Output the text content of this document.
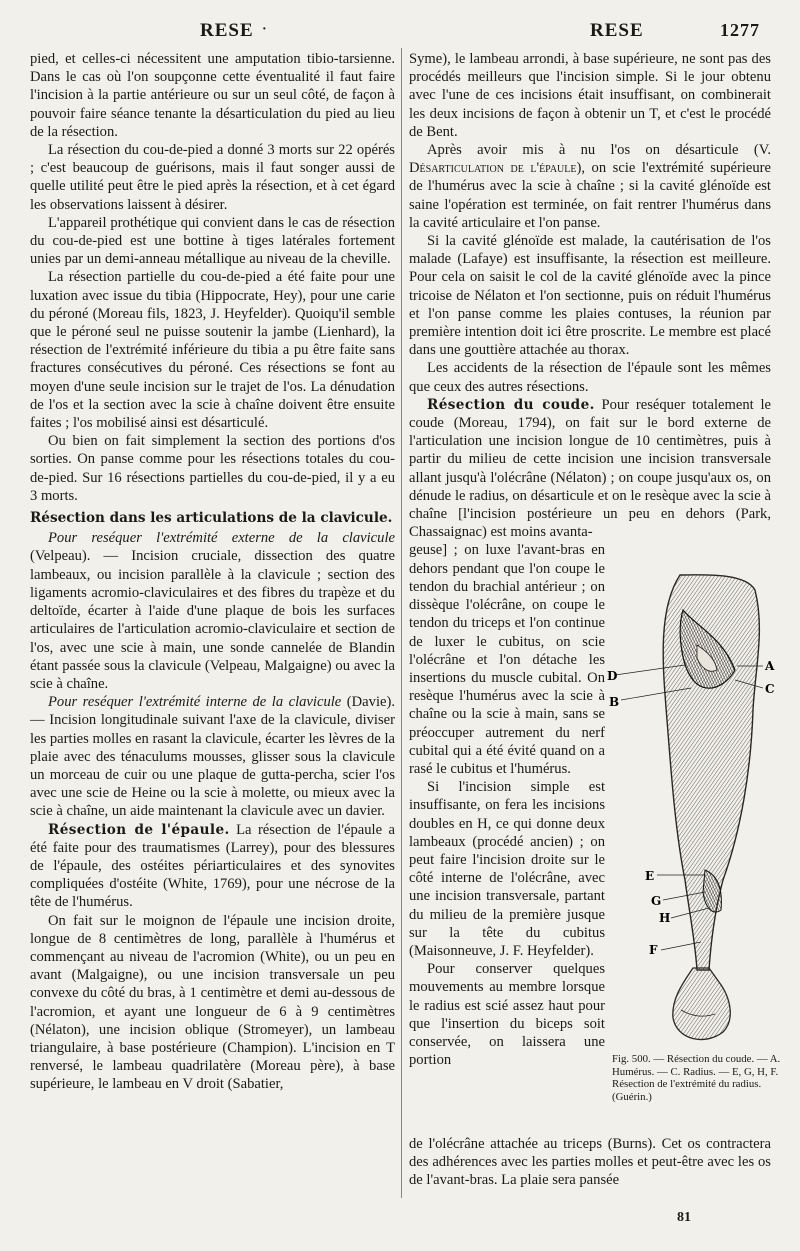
RESE ·	RESE	1277

pied, et celles-ci nécessitent une amputation tibio-tarsienne. Dans le cas où l'on soupçonne cette éventualité il faut faire l'incision à la partie antérieure ou sur un seul côté, de façon à pouvoir faire séance tenante la désarticulation du pied au lieu de la résection.

La résection du cou-de-pied a donné 3 morts sur 22 opérés ; c'est beaucoup de guérisons, mais il faut songer aussi de quelle utilité peut être le pied après la résection, et à cet égard les observations laissent à désirer.

L'appareil prothétique qui convient dans le cas de résection du cou-de-pied est une bottine à tiges latérales fortement unies par un demi-anneau métallique au niveau de la cheville.

La résection partielle du cou-de-pied a été faite pour une luxation avec issue du tibia (Hippocrate, Hey), pour une carie du péroné (Moreau fils, 1823, J. Heyfelder). Quoiqu'il semble que le péroné seul ne puisse soutenir la jambe (Lienhard), la résection de l'extrémité inférieure du tibia a pu être faite sans fractures consécutives du péroné. Ces résections se font au moyen d'une seule incision sur le trajet de l'os. La dénudation de l'os et la section avec la scie à chaîne doivent être ensuite faites ; l'os mobilisé ainsi est désarticulé.

Ou bien on fait simplement la section des portions d'os sorties. On panse comme pour les résections totales du cou-de-pied. Sur 16 résections partielles du cou-de-pied, il y a eu 3 morts.

Résection dans les articulations de la clavicule.

Pour reséquer l'extrémité externe de la clavicule (Velpeau). — Incision cruciale, dissection des quatre lambeaux, ou incision parallèle à la clavicule ; section des ligaments acromio-claviculaires et des fibres du trapèze et du deltoïde, écarter à l'aide d'une plaque de bois les surfaces articulaires de l'articulation acromio-claviculaire et section de l'os, avec une scie à main, une sonde cannelée de Blandin étant passée sous la clavicule (Velpeau, Malgaigne) ou avec la scie à chaîne.

Pour reséquer l'extrémité interne de la clavicule (Davie). — Incision longitudinale suivant l'axe de la clavicule, diviser les parties molles en rasant la clavicule, écarter les lèvres de la plaie avec des ténaculums mousses, glisser sous la clavicule un morceau de cuir ou une plaque de gutta-percha, scier l'os avec une scie de Heine ou la scie à molette, ou mieux avec la scie à chaîne, un aide maintenant la clavicule avec un davier.

Résection de l'épaule. La résection de l'épaule a été faite pour des traumatismes (Larrey), pour des blessures de l'épaule, des ostéites périarticulaires et des synovites compliquées d'ostéite (White, 1769), pour une nécrose de la tête de l'humérus.

On fait sur le moignon de l'épaule une incision droite, longue de 8 centimètres de long, parallèle à l'humérus et commençant au niveau de l'acromion (White), ou un peu en avant (Malgaigne), ou une incision transversale un peu convexe du côté du bras, à 1 centimètre et demi au-dessous de l'acromion, et ayant une longueur de 6 à 9 centimètres (Nélaton), une incision oblique (Stromeyer), un lambeau triangulaire, à base postérieure (Champion). L'incision en T renversé, le lambeau quadrilatère (Moreau père), à base supérieure, le lambeau en V droit (Sabatier,

Syme), le lambeau arrondi, à base supérieure, ne sont pas des procédés meilleurs que l'incision simple. Si le jour obtenu avec l'une de ces incisions était insuffisant, on combinerait les deux incisions de façon à obtenir un T, et c'est le procédé de Bent.

Après avoir mis à nu l'os on désarticule (V. Désarticulation de l'épaule), on scie l'extrémité supérieure de l'humérus avec la scie à chaîne ; si la cavité glénoïde est saine l'opération est terminée, on fait rentrer l'humérus dans la cavité articulaire et l'on panse.

Si la cavité glénoïde est malade, la cautérisation de l'os malade (Lafaye) est insuffisante, la résection est meilleure. Pour cela on saisit le col de la cavité glénoïde avec la pince tricoise de Nélaton et l'on sectionne, puis on réduit l'humérus et l'on panse comme les plaies contuses, la réunion par première intention doit ici être proscrite. Le membre est placé dans une gouttière attachée au thorax.

Les accidents de la résection de l'épaule sont les mêmes que ceux des autres résections.

Résection du coude. Pour reséquer totalement le coude (Moreau, 1794), on fait sur le bord externe de l'articulation une incision longue de 10 centimètres, puis à partir du milieu de cette incision une incision transversale allant jusqu'à l'olécrâne (Nélaton) ; on coupe jusqu'aux os, on dénude le radius, on désarticule et on le resèque avec la scie à chaîne [l'incision postérieure un peu en dehors (Park, Chassaignac) est moins avanta-

geuse] ; on luxe l'avant-bras en dehors pendant que l'on coupe le tendon du brachial antérieur ; on dissèque l'olécrâne, on coupe le tendon du triceps et l'on continue de luxer le cubitus, on scie l'olécrâne et l'on détache les insertions du muscle cubital. On resèque l'humérus avec la scie à chaîne ou la scie à main, sans se préoccuper autrement du nerf cubital qui a été évité quand on a rasé le cubitus et l'humérus.

Si l'incision simple est insuffisante, on fera les incisions doubles en H, ce qui donne deux lambeaux (procédé ancien) ; on peut faire l'incision droite sur le côté interne de l'olécrâne, avec une incision transversale, partant du milieu de la première jusque sur la tête du cubitus (Maisonneuve, J. F. Heyfelder).

Pour conserver quelques mouvements au membre lorsque le radius est scié assez haut pour que l'insertion du biceps soit conservée, on laissera une portion

D
B
A
C
E
G
H
F
Fig. 500. — Résection du coude. — A. Humérus. — C. Radius. — E, G, H, F. Résection de l'extrémité du radius. (Guérin.)
de l'olécrâne attachée au triceps (Burns). Cet os contractera des adhérences avec les parties molles et peut-être avec les os de l'avant-bras. La plaie sera pansée
81
